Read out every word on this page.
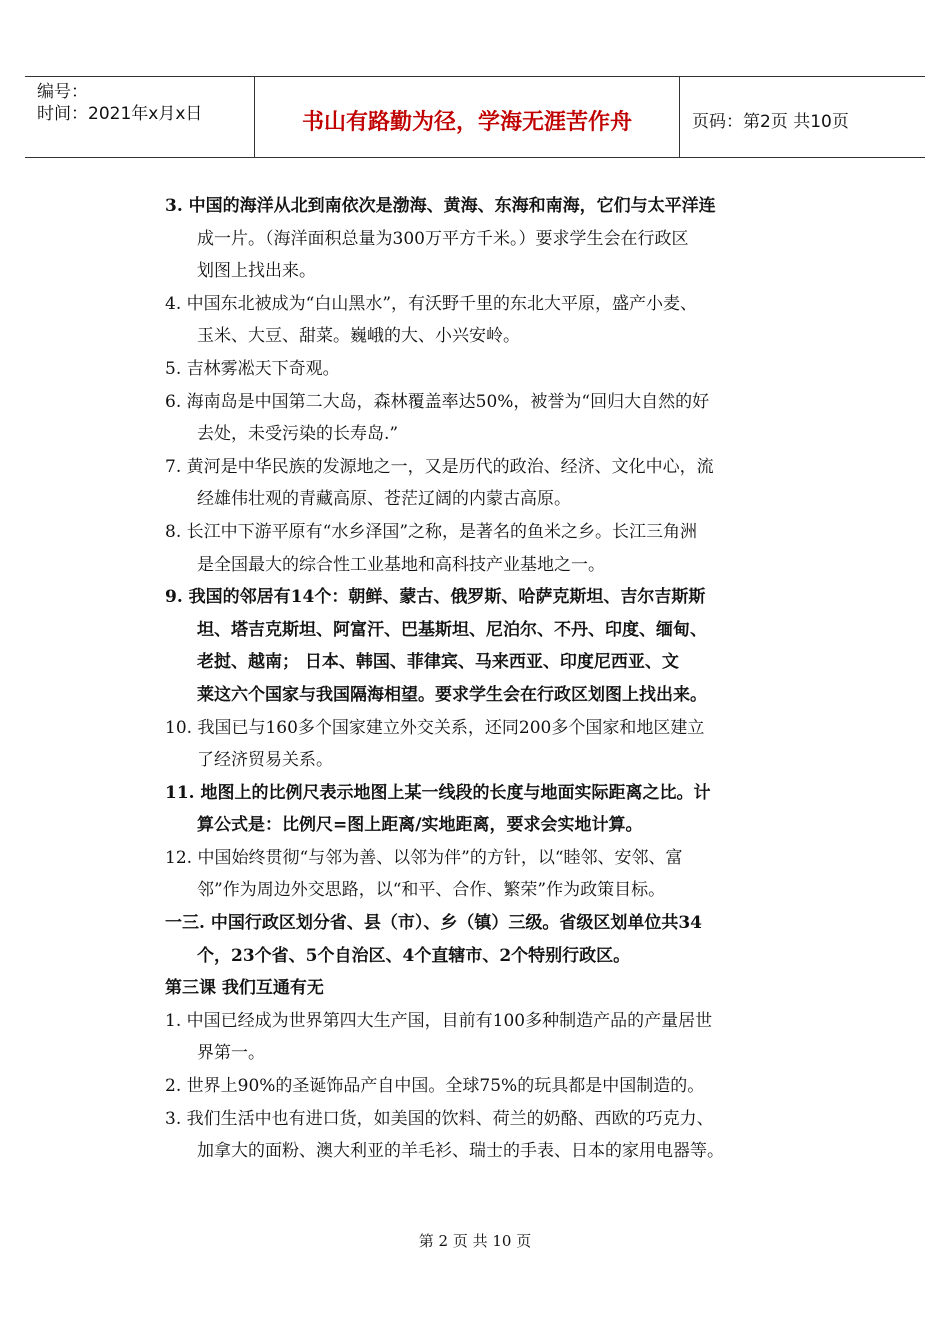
编号：
时间：2021年x月x日	书山有路勤为径，学海无涯苦作舟	页码：第2页 共10页
3. 中国的海洋从北到南依次是渤海、黄海、东海和南海，它们与太平洋连
成一片。（海洋面积总量为300万平方千米。）要求学生会在行政区
划图上找出来。
4. 中国东北被成为“白山黑水”，有沃野千里的东北大平原，盛产小麦、
玉米、大豆、甜菜。巍峨的大、小兴安岭。
5. 吉林雾凇天下奇观。
6. 海南岛是中国第二大岛，森林覆盖率达50%，被誉为“回归大自然的好
去处，未受污染的长寿岛.”
7. 黄河是中华民族的发源地之一，又是历代的政治、经济、文化中心，流
经雄伟壮观的青藏高原、苍茫辽阔的内蒙古高原。
8. 长江中下游平原有“水乡泽国”之称，是著名的鱼米之乡。长江三角洲
是全国最大的综合性工业基地和高科技产业基地之一。
9. 我国的邻居有14个：朝鲜、蒙古、俄罗斯、哈萨克斯坦、吉尔吉斯斯
坦、塔吉克斯坦、阿富汗、巴基斯坦、尼泊尔、不丹、印度、缅甸、
老挝、越南； 日本、韩国、菲律宾、马来西亚、印度尼西亚、文
莱这六个国家与我国隔海相望。要求学生会在行政区划图上找出来。
10. 我国已与160多个国家建立外交关系，还同200多个国家和地区建立
了经济贸易关系。
11. 地图上的比例尺表示地图上某一线段的长度与地面实际距离之比。计
算公式是：比例尺=图上距离/实地距离，要求会实地计算。
12. 中国始终贯彻“与邻为善、以邻为伴”的方针，以“睦邻、安邻、富
邻”作为周边外交思路，以“和平、合作、繁荣”作为政策目标。
一三. 中国行政区划分省、县（市）、乡（镇）三级。省级区划单位共34
个，23个省、5个自治区、4个直辖市、2个特别行政区。
第三课 我们互通有无
1. 中国已经成为世界第四大生产国，目前有100多种制造产品的产量居世
界第一。
2. 世界上90%的圣诞饰品产自中国。全球75%的玩具都是中国制造的。
3. 我们生活中也有进口货，如美国的饮料、荷兰的奶酪、西欧的巧克力、
加拿大的面粉、澳大利亚的羊毛衫、瑞士的手表、日本的家用电器等。
第 2 页 共 10 页
